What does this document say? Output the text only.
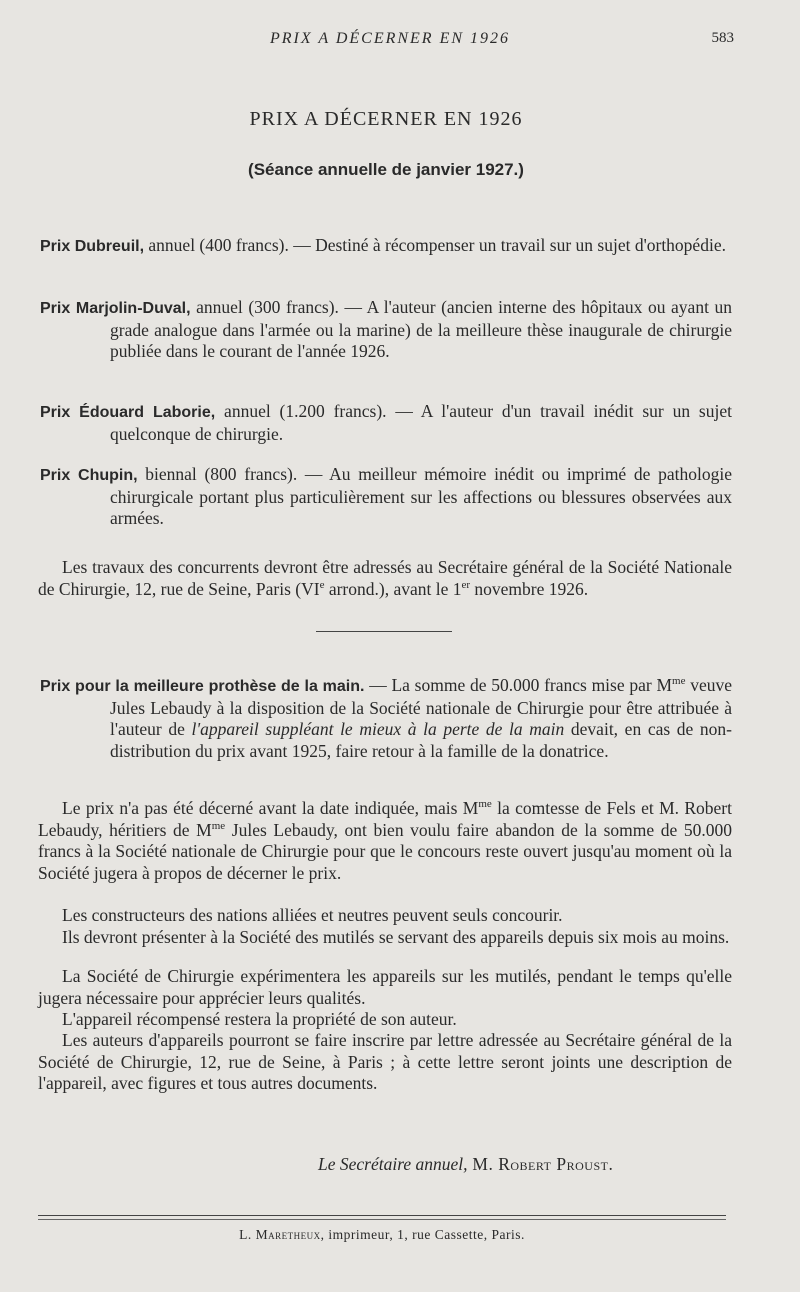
PRIX A DÉCERNER EN 1926	583
PRIX A DÉCERNER EN 1926
(Séance annuelle de janvier 1927.)
Prix Dubreuil, annuel (400 francs). — Destiné à récompenser un travail sur un sujet d'orthopédie.
Prix Marjolin-Duval, annuel (300 francs). — A l'auteur (ancien interne des hôpitaux ou ayant un grade analogue dans l'armée ou la marine) de la meilleure thèse inaugurale de chirurgie publiée dans le courant de l'année 1926.
Prix Édouard Laborie, annuel (1.200 francs). — A l'auteur d'un travail inédit sur un sujet quelconque de chirurgie.
Prix Chupin, biennal (800 francs). — Au meilleur mémoire inédit ou imprimé de pathologie chirurgicale portant plus particulièrement sur les affections ou blessures observées aux armées.
Les travaux des concurrents devront être adressés au Secrétaire général de la Société Nationale de Chirurgie, 12, rue de Seine, Paris (VIe arrond.), avant le 1er novembre 1926.
Prix pour la meilleure prothèse de la main. — La somme de 50.000 francs mise par $M^{me}$ veuve Jules Lebaudy à la disposition de la Société nationale de Chirurgie pour être attribuée à l'auteur de l'appareil suppléant le mieux à la perte de la main devait, en cas de non-distribution du prix avant 1925, faire retour à la famille de la donatrice.
Le prix n'a pas été décerné avant la date indiquée, mais $M^{me}$ la comtesse de Fels et M. Robert Lebaudy, héritiers de $M^{me}$ Jules Lebaudy, ont bien voulu faire abandon de la somme de 50.000 francs à la Société nationale de Chirurgie pour que le concours reste ouvert jusqu'au moment où la Société jugera à propos de décerner le prix.
Les constructeurs des nations alliées et neutres peuvent seuls concourir.
Ils devront présenter à la Société des mutilés se servant des appareils depuis six mois au moins.
La Société de Chirurgie expérimentera les appareils sur les mutilés, pendant le temps qu'elle jugera nécessaire pour apprécier leurs qualités.
L'appareil récompensé restera la propriété de son auteur.
Les auteurs d'appareils pourront se faire inscrire par lettre adressée au Secrétaire général de la Société de Chirurgie, 12, rue de Seine, à Paris ; à cette lettre seront joints une description de l'appareil, avec figures et tous autres documents.
Le Secrétaire annuel, M. Robert Proust.
L. Maretheux, imprimeur, 1, rue Cassette, Paris.
